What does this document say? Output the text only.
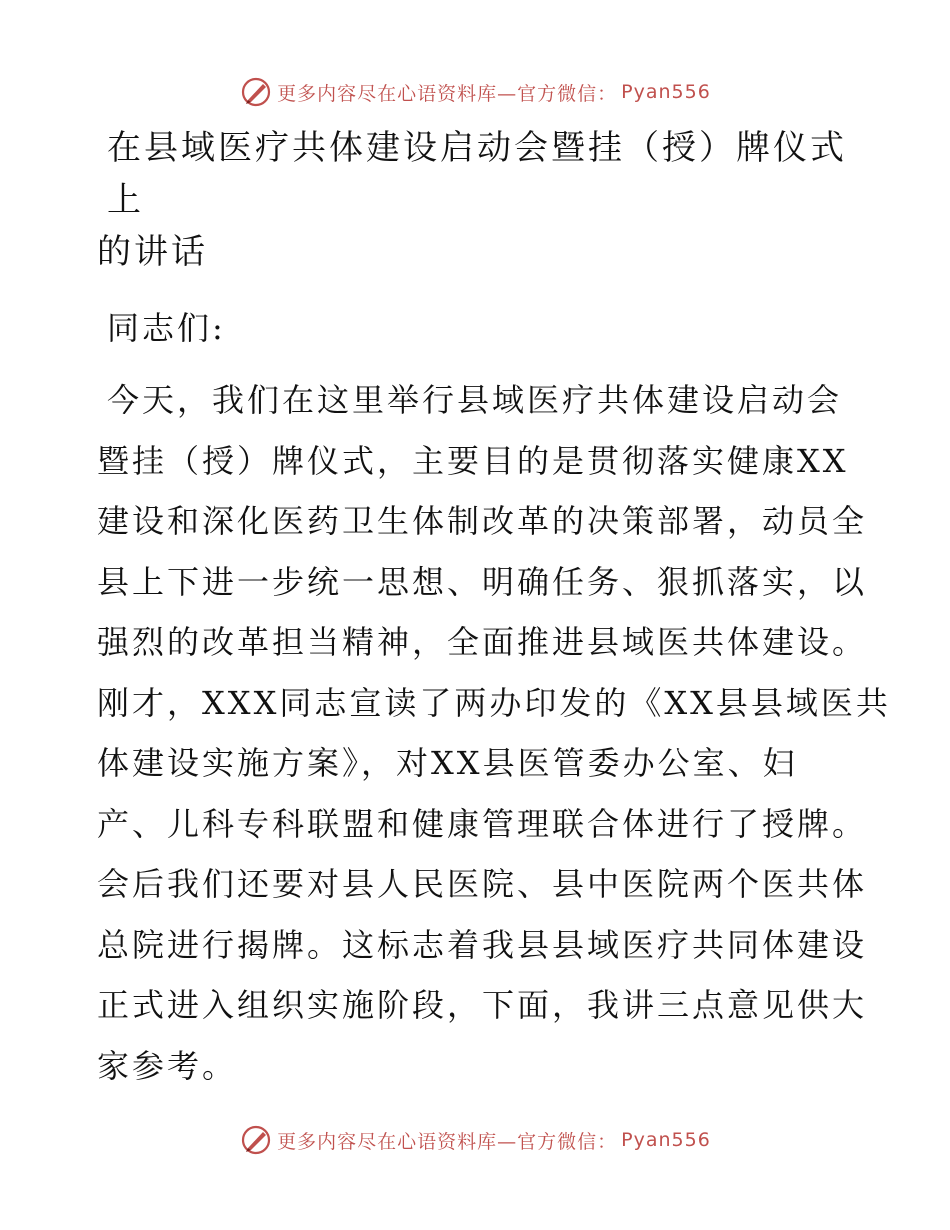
更多内容尽在心语资料库—官方微信： Pyan556
在县域医疗共体建设启动会暨挂（授）牌仪式上
的讲话

同志们:

今天，我们在这里举行县域医疗共体建设启动会
暨挂（授）牌仪式，主要目的是贯彻落实健康XX
建设和深化医药卫生体制改革的决策部署，动员全
县上下进一步统一思想、明确任务、狠抓落实，以
强烈的改革担当精神，全面推进县域医共体建设。
刚才，XXX同志宣读了两办印发的《XX县县域医共
体建设实施方案》，对XX县医管委办公室、妇
产、儿科专科联盟和健康管理联合体进行了授牌。
会后我们还要对县人民医院、县中医院两个医共体
总院进行揭牌。这标志着我县县域医疗共同体建设
正式进入组织实施阶段，下面，我讲三点意见供大
家参考。

更多内容尽在心语资料库—官方微信： Pyan556
